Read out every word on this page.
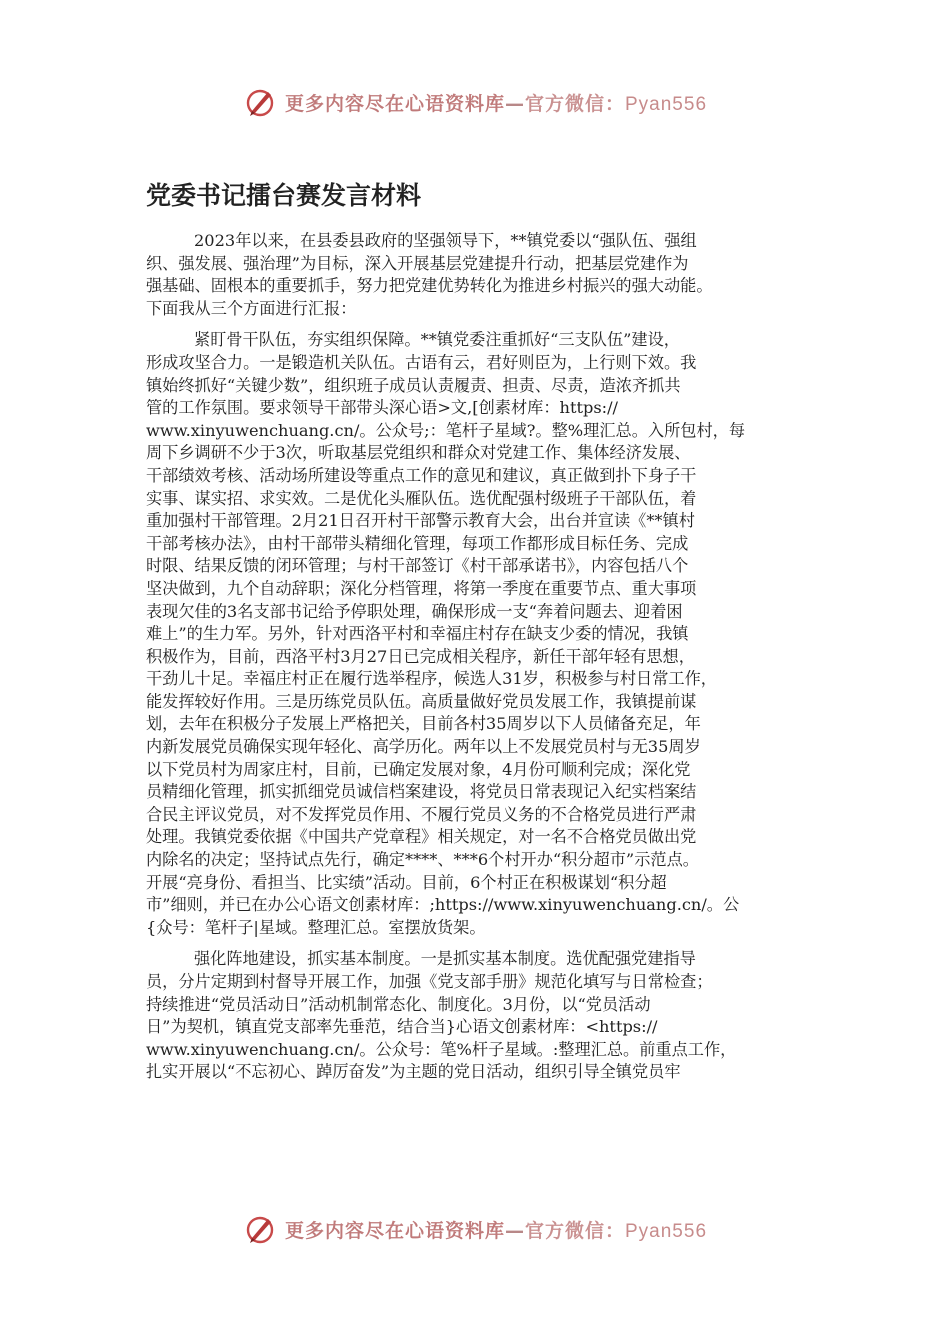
更多内容尽在心语资料库—官方微信：Pyan556
党委书记擂台赛发言材料
2023年以来，在县委县政府的坚强领导下，**镇党委以“强队伍、强组
织、强发展、强治理”为目标，深入开展基层党建提升行动，把基层党建作为
强基础、固根本的重要抓手，努力把党建优势转化为推进乡村振兴的强大动能。
下面我从三个方面进行汇报：
紧盯骨干队伍，夯实组织保障。**镇党委注重抓好“三支队伍”建设，
形成攻坚合力。一是锻造机关队伍。古语有云，君好则臣为，上行则下效。我
镇始终抓好“关键少数”，组织班子成员认责履责、担责、尽责，造浓齐抓共
管的工作氛围。要求领导干部带头深心语>文,[创素材库：https://
www.xinyuwenchuang.cn/。公众号;：笔杆子星域?。整%理汇总。入所包村，每
周下乡调研不少于3次，听取基层党组织和群众对党建工作、集体经济发展、
干部绩效考核、活动场所建设等重点工作的意见和建议，真正做到扑下身子干
实事、谋实招、求实效。二是优化头雁队伍。选优配强村级班子干部队伍，着
重加强村干部管理。2月21日召开村干部警示教育大会，出台并宣读《**镇村
干部考核办法》，由村干部带头精细化管理，每项工作都形成目标任务、完成
时限、结果反馈的闭环管理；与村干部签订《村干部承诺书》，内容包括八个
坚决做到，九个自动辞职；深化分档管理，将第一季度在重要节点、重大事项
表现欠佳的3名支部书记给予停职处理，确保形成一支“奔着问题去、迎着困
难上”的生力军。另外，针对西洛平村和幸福庄村存在缺支少委的情况，我镇
积极作为，目前，西洛平村3月27日已完成相关程序，新任干部年轻有思想，
干劲儿十足。幸福庄村正在履行选举程序，候选人31岁，积极参与村日常工作，
能发挥较好作用。三是历练党员队伍。高质量做好党员发展工作，我镇提前谋
划，去年在积极分子发展上严格把关，目前各村35周岁以下人员储备充足，年
内新发展党员确保实现年轻化、高学历化。两年以上不发展党员村与无35周岁
以下党员村为周家庄村，目前，已确定发展对象，4月份可顺利完成；深化党
员精细化管理，抓实抓细党员诚信档案建设，将党员日常表现记入纪实档案结
合民主评议党员，对不发挥党员作用、不履行党员义务的不合格党员进行严肃
处理。我镇党委依据《中国共产党章程》相关规定，对一名不合格党员做出党
内除名的决定；坚持试点先行，确定****、***6个村开办“积分超市”示范点。
开展“亮身份、看担当、比实绩”活动。目前，6个村正在积极谋划“积分超
市”细则，并已在办公心语文创素材库：;https://www.xinyuwenchuang.cn/。公
{众号：笔杆子|星域。整理汇总。室摆放货架。
强化阵地建设，抓实基本制度。一是抓实基本制度。选优配强党建指导
员，分片定期到村督导开展工作，加强《党支部手册》规范化填写与日常检查；
持续推进“党员活动日”活动机制常态化、制度化。3月份，以“党员活动
日”为契机，镇直党支部率先垂范，结合当}心语文创素材库：<https://
www.xinyuwenchuang.cn/。公众号：笔%杆子星域。:整理汇总。前重点工作，
扎实开展以“不忘初心、踔厉奋发”为主题的党日活动，组织引导全镇党员牢
更多内容尽在心语资料库—官方微信：Pyan556
